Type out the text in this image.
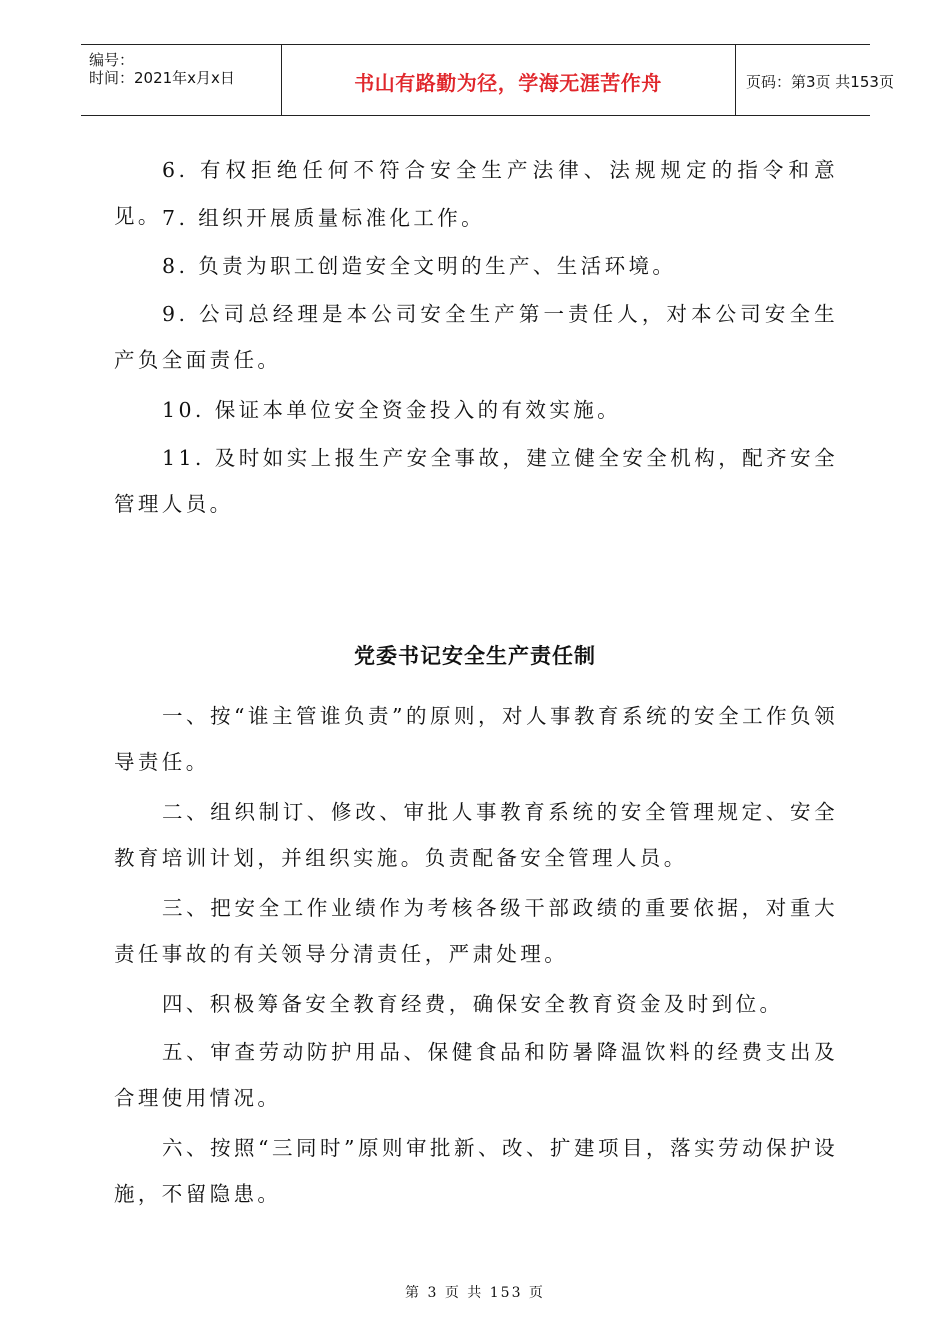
编号：
时间：2021年x月x日	书山有路勤为径，学海无涯苦作舟	页码：第3页 共153页

6. 有权拒绝任何不符合安全生产法律、法规规定的指令和意见。 7. 组织开展质量标准化工作。

8. 负责为职工创造安全文明的生产、生活环境。

9. 公司总经理是本公司安全生产第一责任人，对本公司安全生产负全面责任。

10. 保证本单位安全资金投入的有效实施。

11. 及时如实上报生产安全事故，建立健全安全机构，配齐安全管理人员。

党委书记安全生产责任制

一、按“谁主管谁负责”的原则，对人事教育系统的安全工作负领导责任。

二、组织制订、修改、审批人事教育系统的安全管理规定、安全教育培训计划，并组织实施。负责配备安全管理人员。

三、把安全工作业绩作为考核各级干部政绩的重要依据，对重大责任事故的有关领导分清责任，严肃处理。

四、积极筹备安全教育经费，确保安全教育资金及时到位。

五、审查劳动防护用品、保健食品和防暑降温饮料的经费支出及合理使用情况。

六、按照“三同时”原则审批新、改、扩建项目，落实劳动保护设施，不留隐患。

第 3 页 共 153 页
